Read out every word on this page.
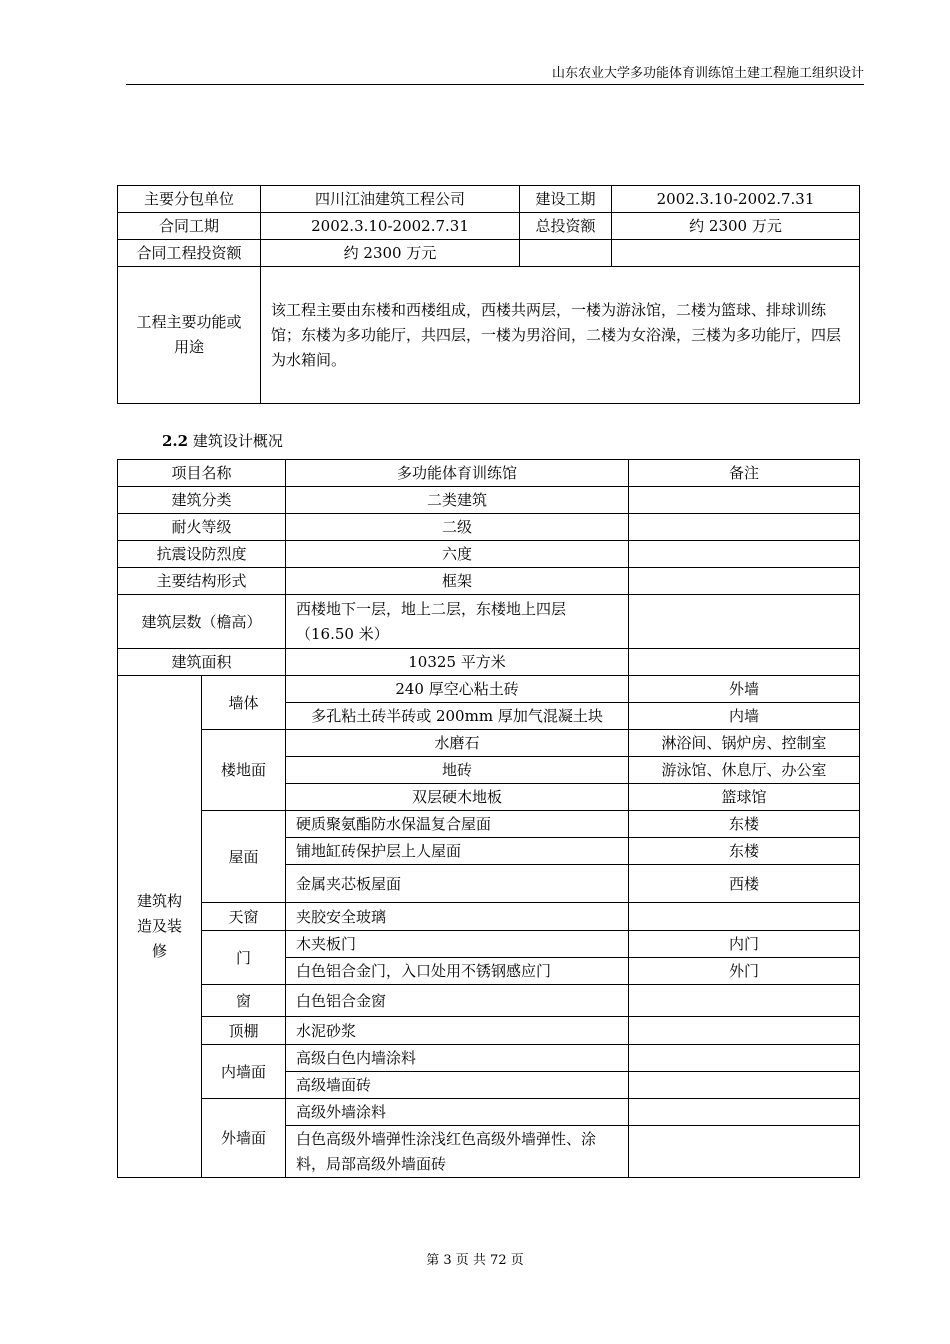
山东农业大学多功能体育训练馆土建工程施工组织设计
主要分包单位	四川江油建筑工程公司	建设工期	2002.3.10-2002.7.31
合同工期	2002.3.10-2002.7.31	总投资额	约 2300 万元
合同工程投资额	约 2300 万元		
工程主要功能或用途	该工程主要由东楼和西楼组成，西楼共两层，一楼为游泳馆，二楼为篮球、排球训练馆；东楼为多功能厅，共四层，一楼为男浴间，二楼为女浴澡，三楼为多功能厅，四层为水箱间。		
2.2 建筑设计概况
项目名称		多功能体育训练馆	备注
建筑分类		二类建筑	
耐火等级		二级	
抗震设防烈度		六度	
主要结构形式		框架	
建筑层数（檐高）		西楼地下一层，地上二层，东楼地上四层（16.50 米）	
建筑面积		10325 平方米	
建筑构造及装修	墙体	240 厚空心粘土砖	外墙
		多孔粘土砖半砖或 200mm 厚加气混凝土块	内墙
	楼地面	水磨石	淋浴间、锅炉房、控制室
		地砖	游泳馆、休息厅、办公室
		双层硬木地板	篮球馆
	屋面	硬质聚氨酯防水保温复合屋面	东楼
		铺地缸砖保护层上人屋面	东楼
		金属夹芯板屋面	西楼
	天窗	夹胶安全玻璃	
	门	木夹板门	内门
		白色铝合金门，入口处用不锈钢感应门	外门
	窗	白色铝合金窗	
	顶棚	水泥砂浆	
	内墙面	高级白色内墙涂料	
		高级墙面砖	
	外墙面	高级外墙涂料	
		白色高级外墙弹性涂浅红色高级外墙弹性、涂料，局部高级外墙面砖	
第 3 页 共 72 页
